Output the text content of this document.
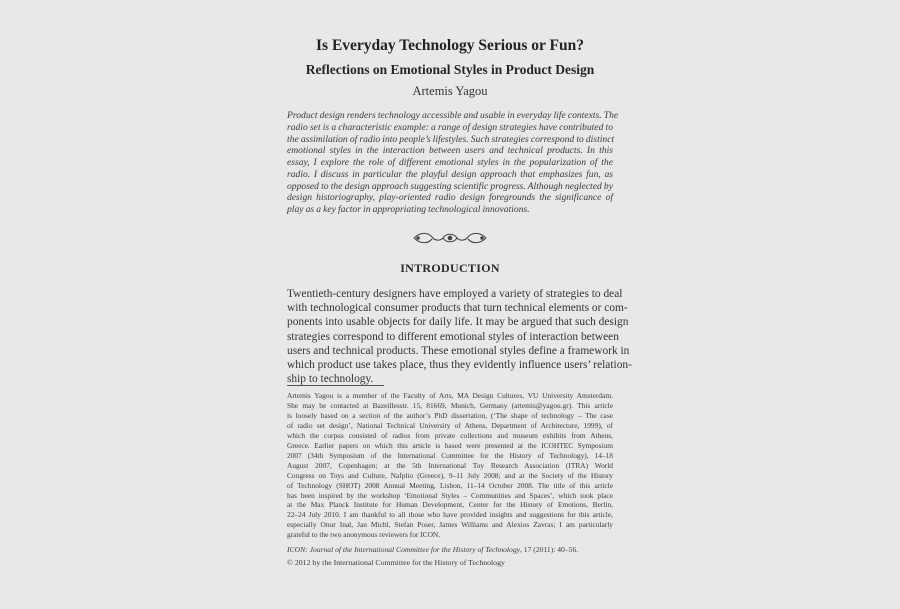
Is Everyday Technology Serious or Fun?
Reflections on Emotional Styles in Product Design
Artemis Yagou
Product design renders technology accessible and usable in everyday life contexts. The
radio set is a characteristic example: a range of design strategies have contributed to
the assimilation of radio into people’s lifestyles. Such strategies correspond to distinct
emotional styles in the interaction between users and technical products. In this
essay, I explore the role of different emotional styles in the popularization of the
radio. I discuss in particular the playful design approach that emphasizes fun, as
opposed to the design approach suggesting scientific progress. Although neglected by
design historiography, play-oriented radio design foregrounds the significance of
play as a key factor in appropriating technological innovations.
INTRODUCTION
Twentieth-century designers have employed a variety of strategies to deal
with technological consumer products that turn technical elements or com-
ponents into usable objects for daily life. It may be argued that such design
strategies correspond to different emotional styles of interaction between
users and technical products. These emotional styles define a framework in
which product use takes place, thus they evidently influence users’ relation-
ship to technology.
Artemis Yagou is a member of the Faculty of Arts, MA Design Cultures, VU University Amsterdam.
She may be contacted at Bazeillesstr. 15, 81669, Munich, Germany (artemis@yagou.gr). This article
is loosely based on a section of the author’s PhD dissertation, (‘The shape of technology – The case
of radio set design’, National Technical University of Athens, Department of Architecture, 1999), of
which the corpus consisted of radios from private collections and museum exhibits from Athens,
Greece. Earlier papers on which this article is based were presented at the ICOHTEC Symposium
2007 (34th Symposium of the International Committee for the History of Technology), 14–18
August 2007, Copenhagen; at the 5th International Toy Research Association (ITRA) World
Congress on Toys and Culture, Nafplio (Greece), 9–11 July 2008; and at the Society of the History
of Technology (SHOT) 2008 Annual Meeting, Lisbon, 11–14 October 2008. The title of this article
has been inspired by the workshop ‘Emotional Styles – Communities and Spaces’, which took place
at the Max Planck Institute for Human Development, Center for the History of Emotions, Berlin,
22–24 July 2010. I am thankful to all those who have provided insights and suggestions for this article,
especially Onur Inal, Jan Michl, Stefan Poser, James Williams and Alexios Zavras; I am particularly
grateful to the two anonymous reviewers for ICON.
ICON: Journal of the International Committee for the History of Technology, 17 (2011): 40–56.
© 2012 by the International Committee for the History of Technology
